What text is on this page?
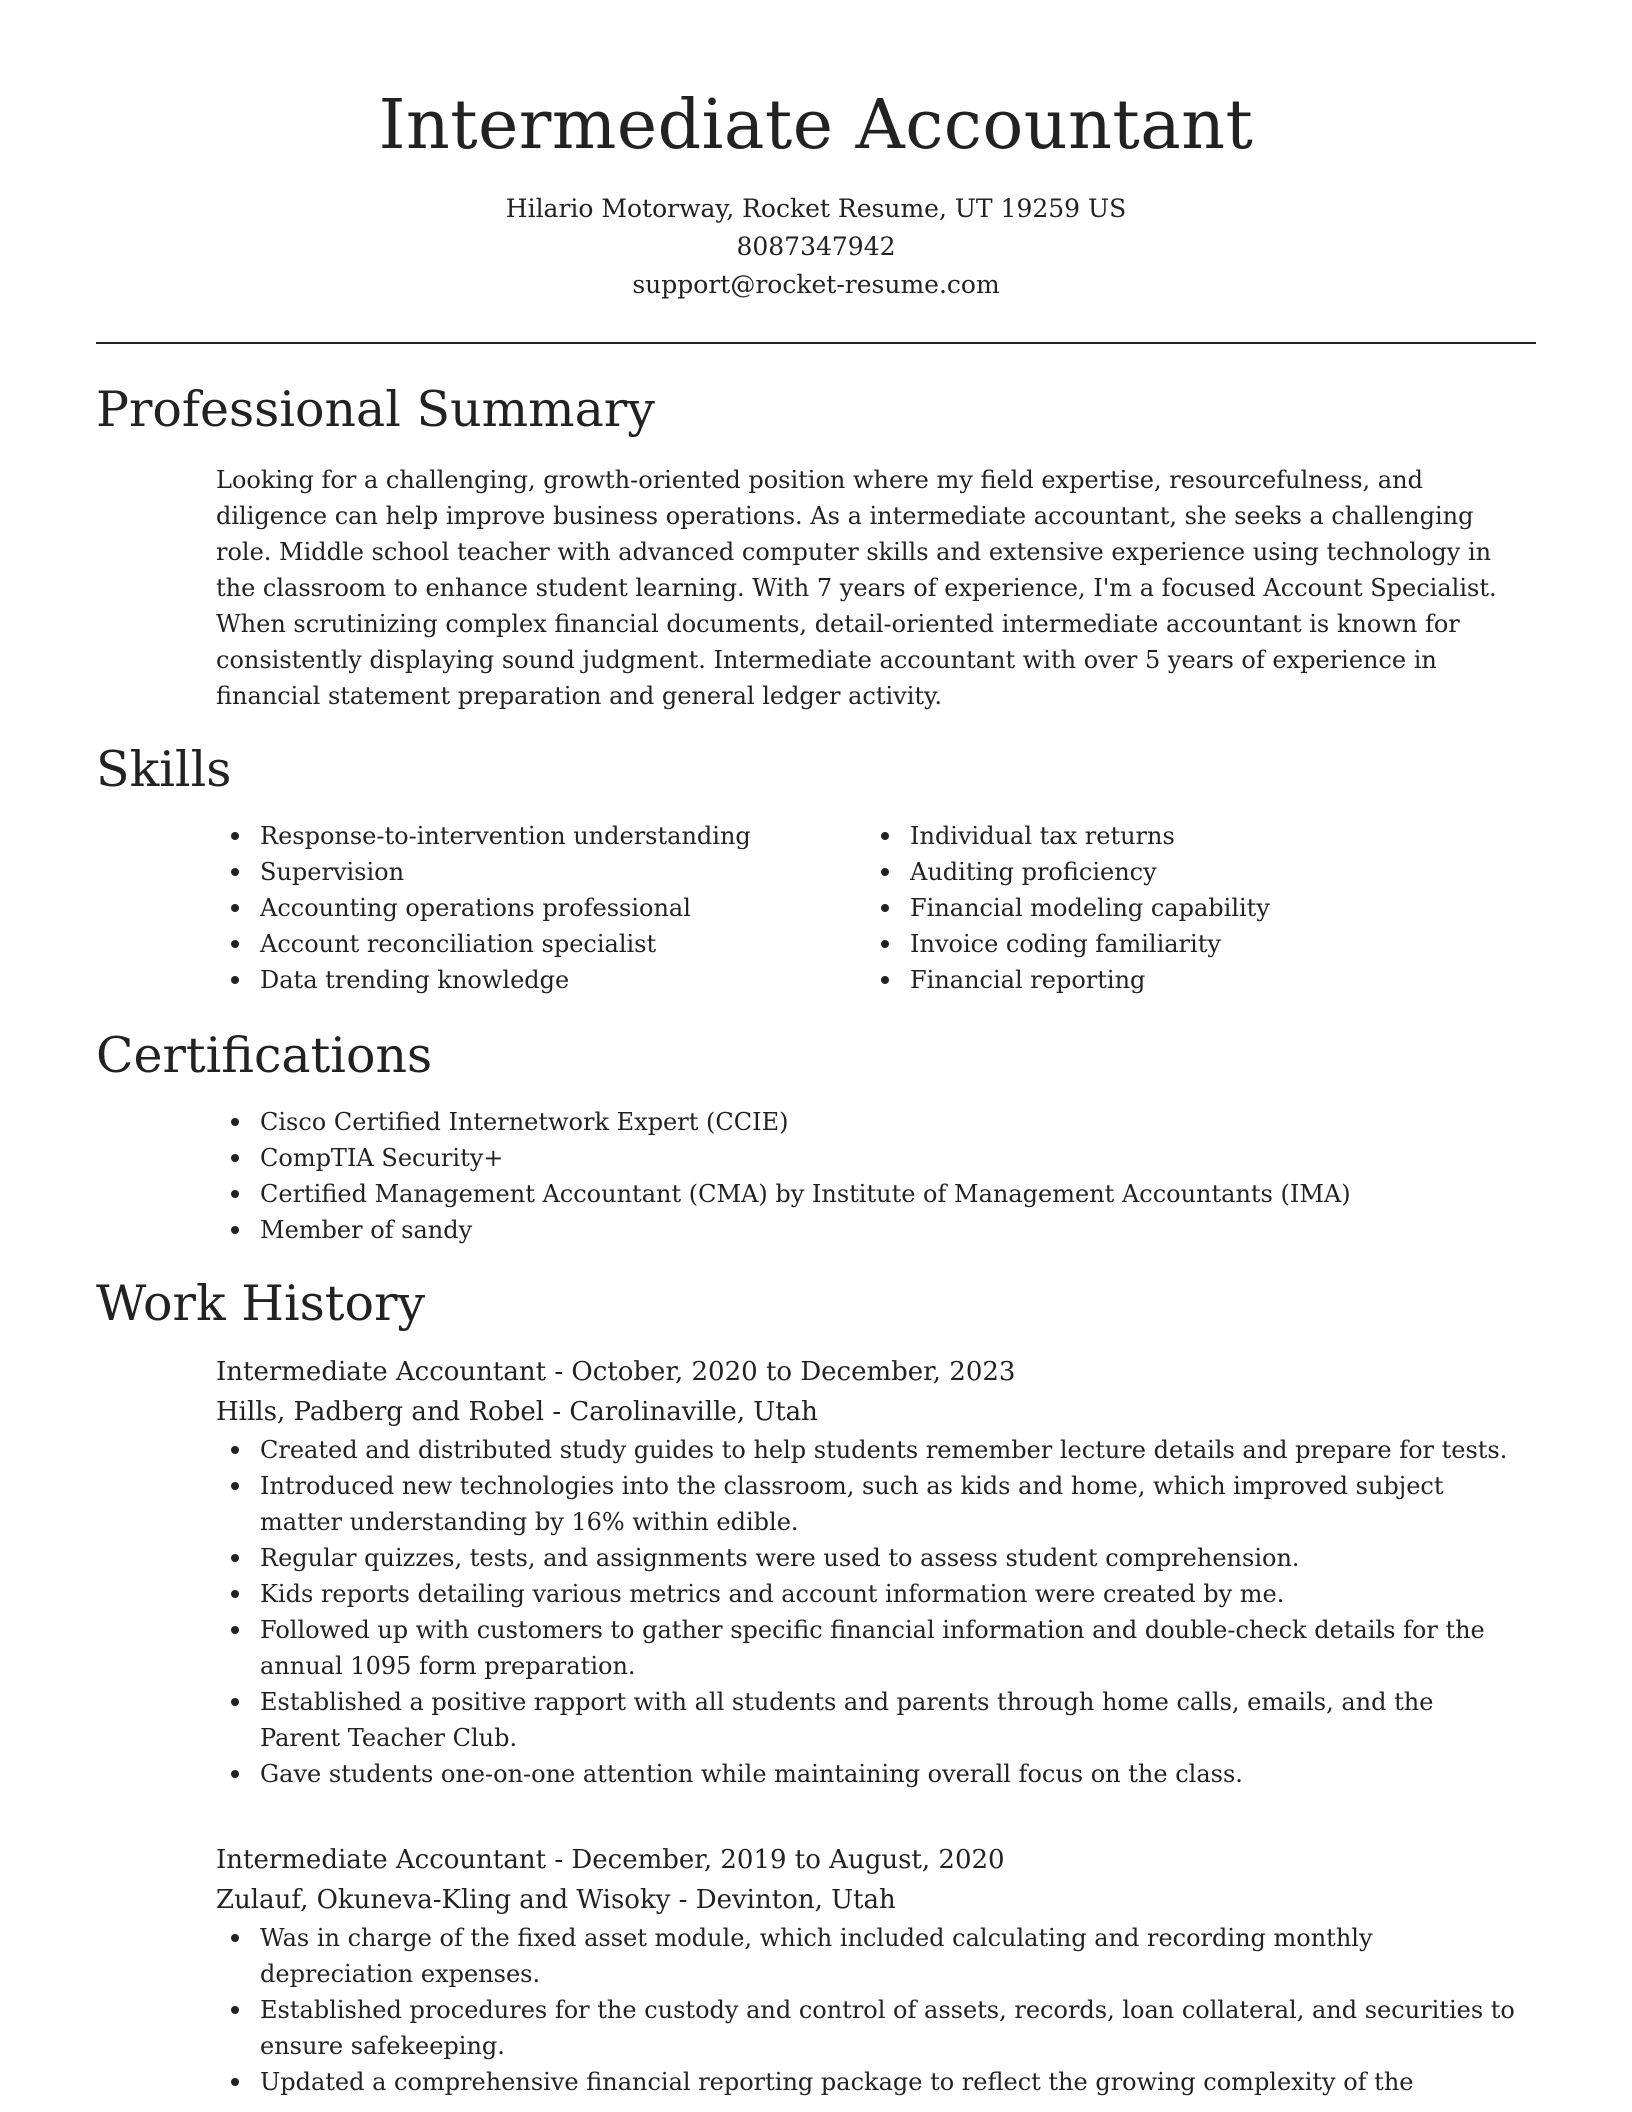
Intermediate Accountant
Hilario Motorway, Rocket Resume, UT 19259 US
8087347942
support@rocket-resume.com
Professional Summary

Looking for a challenging, growth-oriented position where my field expertise, resourcefulness, and diligence can help improve business operations. As a intermediate accountant, she seeks a challenging role. Middle school teacher with advanced computer skills and extensive experience using technology in the classroom to enhance student learning. With 7 years of experience, I'm a focused Account Specialist. When scrutinizing complex financial documents, detail-oriented intermediate accountant is known for consistently displaying sound judgment. Intermediate accountant with over 5 years of experience in financial statement preparation and general ledger activity.

Skills
Response-to-intervention understanding
Supervision
Accounting operations professional
Account reconciliation specialist
Data trending knowledge
Individual tax returns
Auditing proficiency
Financial modeling capability
Invoice coding familiarity
Financial reporting
Certifications
Cisco Certified Internetwork Expert (CCIE)
CompTIA Security+
Certified Management Accountant (CMA) by Institute of Management Accountants (IMA)
Member of sandy
Work History
Intermediate Accountant - October, 2020 to December, 2023
Hills, Padberg and Robel - Carolinaville, Utah
Created and distributed study guides to help students remember lecture details and prepare for tests.
Introduced new technologies into the classroom, such as kids and home, which improved subject matter understanding by 16% within edible.
Regular quizzes, tests, and assignments were used to assess student comprehension.
Kids reports detailing various metrics and account information were created by me.
Followed up with customers to gather specific financial information and double-check details for the annual 1095 form preparation.
Established a positive rapport with all students and parents through home calls, emails, and the Parent Teacher Club.
Gave students one-on-one attention while maintaining overall focus on the class.
Intermediate Accountant - December, 2019 to August, 2020
Zulauf, Okuneva-Kling and Wisoky - Devinton, Utah
Was in charge of the fixed asset module, which included calculating and recording monthly depreciation expenses.
Established procedures for the custody and control of assets, records, loan collateral, and securities to ensure safekeeping.
Updated a comprehensive financial reporting package to reflect the growing complexity of the
